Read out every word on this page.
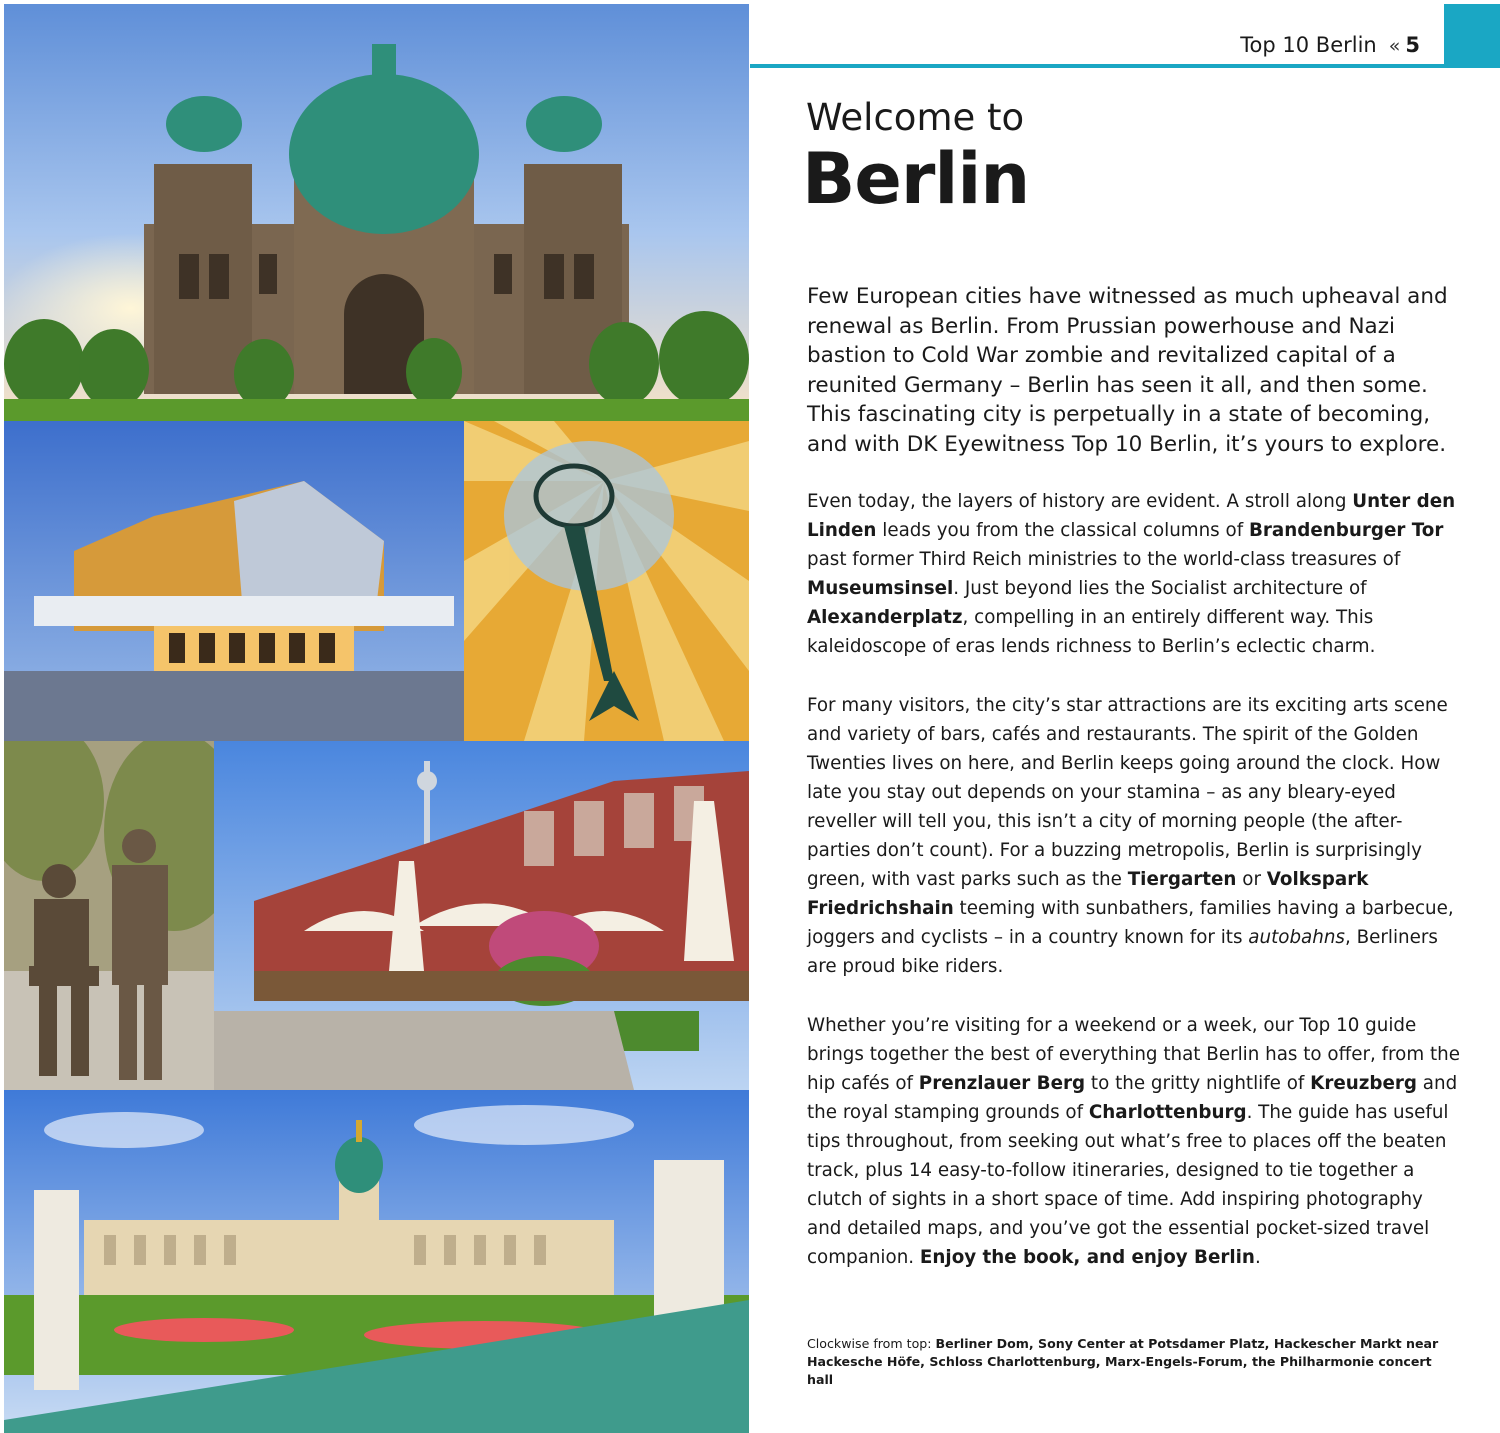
Top 10 Berlin « 5
Welcome to
Berlin

Few European cities have witnessed as much upheaval and renewal as Berlin. From Prussian powerhouse and Nazi bastion to Cold War zombie and revitalized capital of a reunited Germany – Berlin has seen it all, and then some. This fascinating city is perpetually in a state of becoming, and with DK Eyewitness Top 10 Berlin, it’s yours to explore.

Even today, the layers of history are evident. A stroll along Unter den Linden leads you from the classical columns of Brandenburger Tor past former Third Reich ministries to the world-class treasures of Museumsinsel. Just beyond lies the Socialist architecture of Alexanderplatz, compelling in an entirely different way. This kaleidoscope of eras lends richness to Berlin’s eclectic charm.

For many visitors, the city’s star attractions are its exciting arts scene and variety of bars, cafés and restaurants. The spirit of the Golden Twenties lives on here, and Berlin keeps going around the clock. How late you stay out depends on your stamina – as any bleary-eyed reveller will tell you, this isn’t a city of morning people (the after-parties don’t count). For a buzzing metropolis, Berlin is surprisingly green, with vast parks such as the Tiergarten or Volkspark Friedrichshain teeming with sunbathers, families having a barbecue, joggers and cyclists – in a country known for its autobahns, Berliners are proud bike riders.

Whether you’re visiting for a weekend or a week, our Top 10 guide brings together the best of everything that Berlin has to offer, from the hip cafés of Prenzlauer Berg to the gritty nightlife of Kreuzberg and the royal stamping grounds of Charlottenburg. The guide has useful tips throughout, from seeking out what’s free to places off the beaten track, plus 14 easy-to-follow itineraries, designed to tie together a clutch of sights in a short space of time. Add inspiring photography and detailed maps, and you’ve got the essential pocket-sized travel companion. Enjoy the book, and enjoy Berlin.

Clockwise from top: Berliner Dom, Sony Center at Potsdamer Platz, Hackescher Markt near Hackesche Höfe, Schloss Charlottenburg, Marx-Engels-Forum, the Philharmonie concert hall
